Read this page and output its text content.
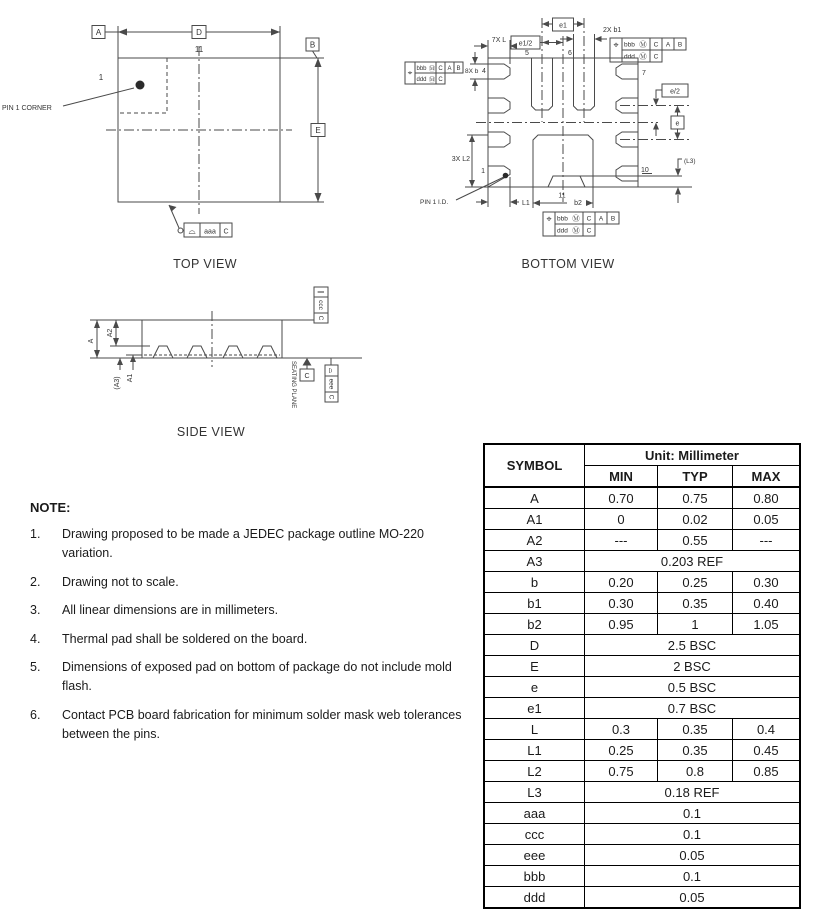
A	D
11	B
E
1
PIN 1 CORNER
⌓ aaa C
TOP VIEW
7X L
e1
e1/2
2X b1
8X b 4
5	6
7
10
1
e/2
e
(L3)
3X L2
L1
11
b2
PIN 1 I.D.
⌖ bbb Ⓜ C A B
ddd Ⓜ C
⌖ bbb Ⓜ C A B
ddd Ⓜ C
⌖ bbb Ⓜ C A B
ddd Ⓜ C
BOTTOM VIEW
A
A2
A1
(A3)	C
SEATING PLANE
∥
ccc
C
⌓
eee
C
SIDE VIEW
NOTE:
1.	Drawing proposed to be made a JEDEC package outline MO-220 variation.
2.	Drawing not to scale.
3.	All linear dimensions are in millimeters.
4.	Thermal pad shall be soldered on the board.
5.	Dimensions of exposed pad on bottom of package do not include mold flash.
6.	Contact PCB board fabrication for minimum solder mask web tolerances between the pins.
SYMBOL	Unit: Millimeter		
	MIN	TYP	MAX
A	0.70	0.75	0.80
A1	0	0.02	0.05
A2	---	0.55	---
A3	0.203 REF		
b	0.20	0.25	0.30
b1	0.30	0.35	0.40
b2	0.95	1	1.05
D	2.5 BSC		
E	2 BSC		
e	0.5 BSC		
e1	0.7 BSC		
L	0.3	0.35	0.4
L1	0.25	0.35	0.45
L2	0.75	0.8	0.85
L3	0.18 REF		
aaa	0.1		
ccc	0.1		
eee	0.05		
bbb	0.1		
ddd	0.05		
